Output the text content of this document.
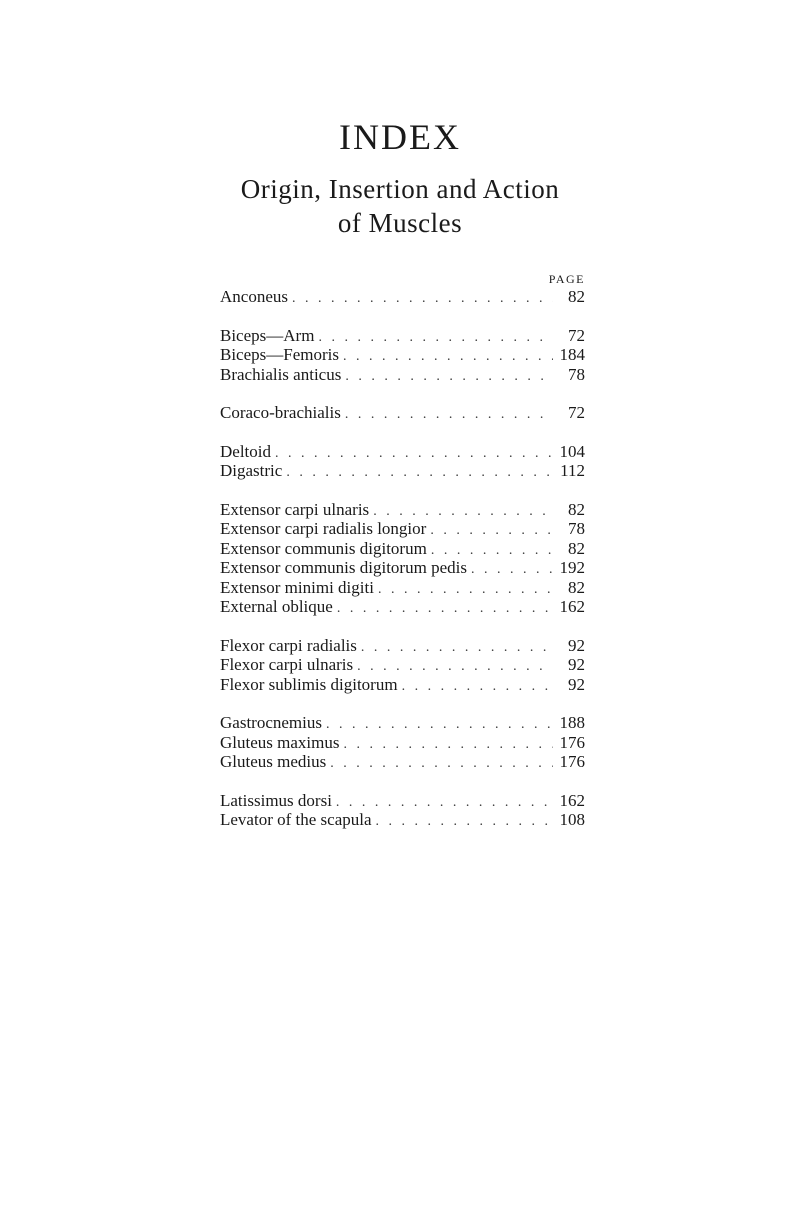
INDEX
Origin, Insertion and Action
of Muscles
PAGE
Anconeus . . .	82
Biceps—Arm . . .	72
Biceps—Femoris . . .	184
Brachialis anticus . . .	78
Coraco-brachialis . . .	72
Deltoid . . .	104
Digastric . . .	112
Extensor carpi ulnaris . . .	82
Extensor carpi radialis longior . . .	78
Extensor communis digitorum . . .	82
Extensor communis digitorum pedis . . .	192
Extensor minimi digiti . . .	82
External oblique . . .	162
Flexor carpi radialis . . .	92
Flexor carpi ulnaris . . .	92
Flexor sublimis digitorum . . .	92
Gastrocnemius . . .	188
Gluteus maximus . . .	176
Gluteus medius . . .	176
Latissimus dorsi . . .	162
Levator of the scapula . . .	108
